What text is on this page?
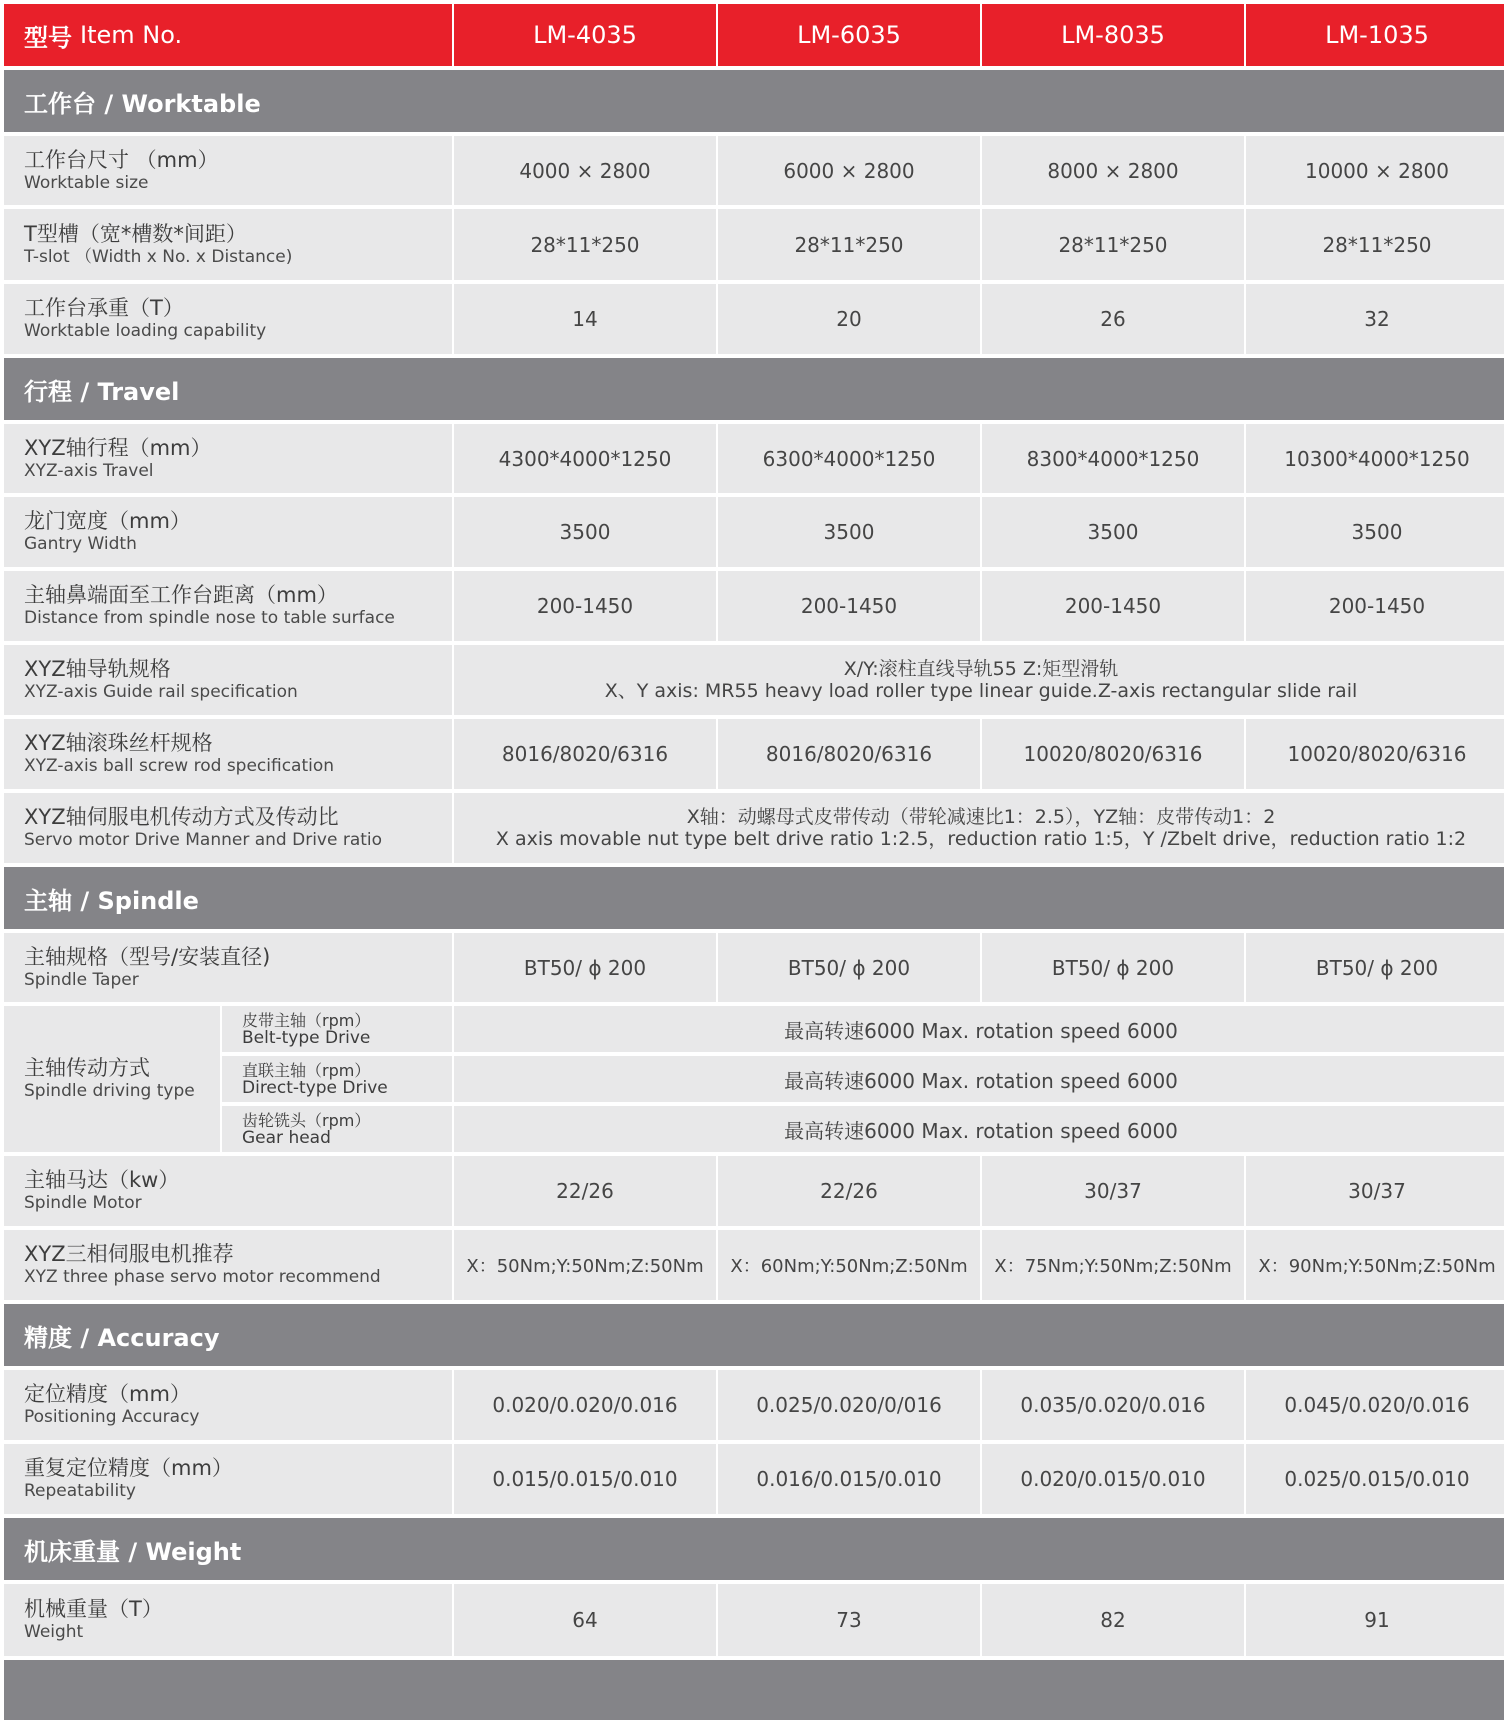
型号 Item No.	LM-4035	LM-6035	LM-8035	LM-1035
工作台 / Worktable
工作台尺寸 （mm）
Worktable size	4000 × 2800	6000 × 2800	8000 × 2800	10000 × 2800
T型槽（宽*槽数*间距）
T-slot （Width x No. x Distance)	28*11*250	28*11*250	28*11*250	28*11*250
工作台承重（T）
Worktable loading capability	14	20	26	32
行程 / Travel
XYZ轴行程（mm）
XYZ-axis Travel	4300*4000*1250	6300*4000*1250	8300*4000*1250	10300*4000*1250
龙门宽度（mm）
Gantry Width	3500	3500	3500	3500
主轴鼻端面至工作台距离（mm）
Distance from spindle nose to table surface	200-1450	200-1450	200-1450	200-1450
XYZ轴导轨规格
XYZ-axis Guide rail specification
X/Y:滚柱直线导轨55 Z:矩型滑轨
X、Y axis: MR55 heavy load roller type linear guide.Z-axis rectangular slide rail
XYZ轴滚珠丝杆规格
XYZ-axis ball screw rod specification	8016/8020/6316	8016/8020/6316	10020/8020/6316	10020/8020/6316
XYZ轴伺服电机传动方式及传动比
Servo motor Drive Manner and Drive ratio
X轴：动螺母式皮带传动（带轮减速比1：2.5），YZ轴：皮带传动1：2
X axis movable nut type belt drive ratio 1:2.5，reduction ratio 1:5，Y /Zbelt drive，reduction ratio 1:2
主轴 / Spindle
主轴规格（型号/安装直径)
Spindle Taper	BT50/ ϕ 200	BT50/ ϕ 200	BT50/ ϕ 200	BT50/ ϕ 200
主轴传动方式
Spindle driving type
皮带主轴（rpm）
Belt-type Drive	最高转速6000 Max. rotation speed 6000
直联主轴（rpm）
Direct-type Drive	最高转速6000 Max. rotation speed 6000
齿轮铣头（rpm）
Gear head	最高转速6000 Max. rotation speed 6000
主轴马达（kw）
Spindle Motor	22/26	22/26	30/37	30/37
XYZ三相伺服电机推荐
XYZ three phase servo motor recommend	X：50Nm;Y:50Nm;Z:50Nm	X：60Nm;Y:50Nm;Z:50Nm	X：75Nm;Y:50Nm;Z:50Nm	X：90Nm;Y:50Nm;Z:50Nm
精度 / Accuracy
定位精度（mm）
Positioning Accuracy	0.020/0.020/0.016	0.025/0.020/0/016	0.035/0.020/0.016	0.045/0.020/0.016
重复定位精度（mm）
Repeatability	0.015/0.015/0.010	0.016/0.015/0.010	0.020/0.015/0.010	0.025/0.015/0.010
机床重量 / Weight
机械重量（T）
Weight	64	73	82	91
